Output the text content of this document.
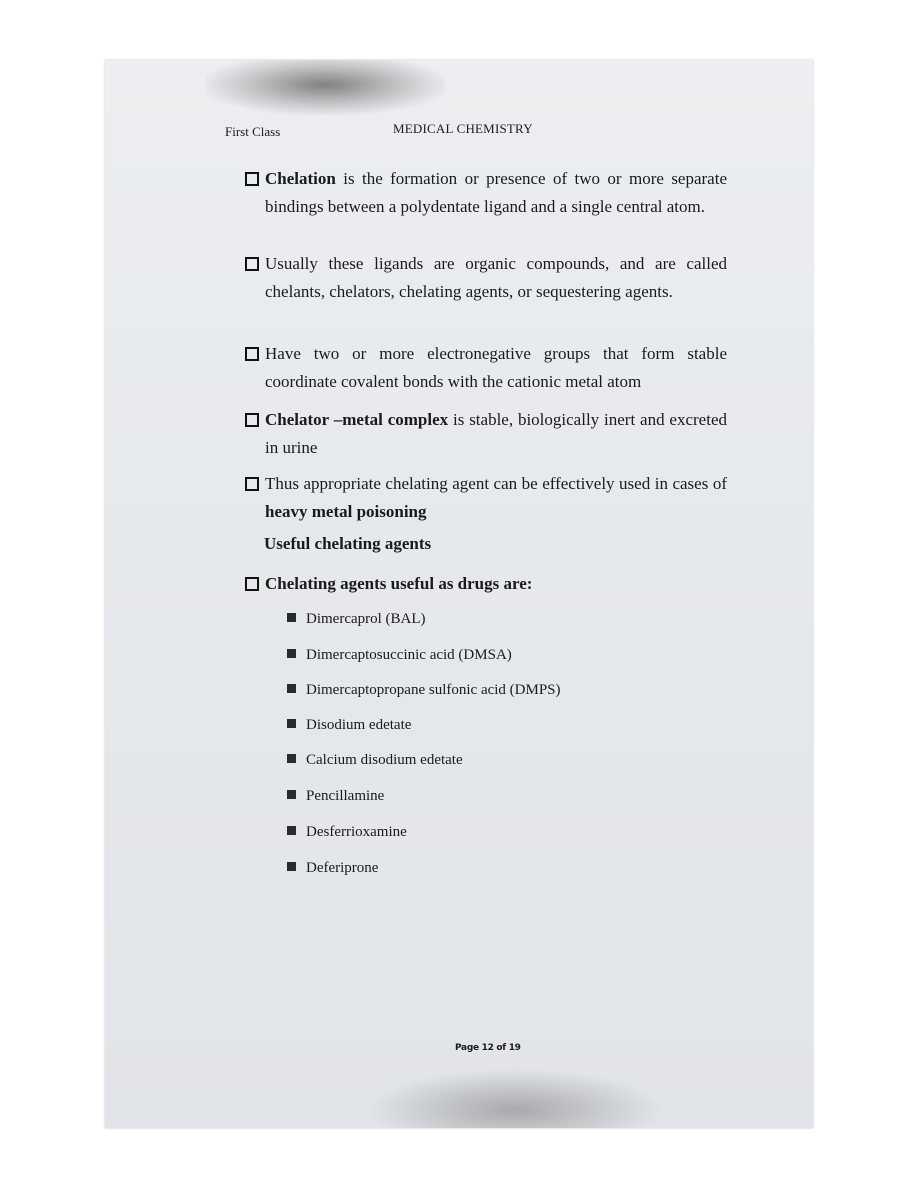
First Class	MEDICAL CHEMISTRY
Chelation is the formation or presence of two or more separate bindings between a polydentate ligand and a single central atom.
Usually these ligands are organic compounds, and are called chelants, chelators, chelating agents, or sequestering agents.
Have two or more electronegative groups that form stable coordinate covalent bonds with the cationic metal atom
Chelator –metal complex is stable, biologically inert and excreted in urine
Thus appropriate chelating agent can be effectively used in cases of heavy metal poisoning
Useful chelating agents
Chelating agents useful as drugs are:
Dimercaprol (BAL)
Dimercaptosuccinic acid (DMSA)
Dimercaptopropane sulfonic acid (DMPS)
Disodium edetate
Calcium disodium edetate
Pencillamine
Desferrioxamine
Deferiprone
Page 12 of 19
